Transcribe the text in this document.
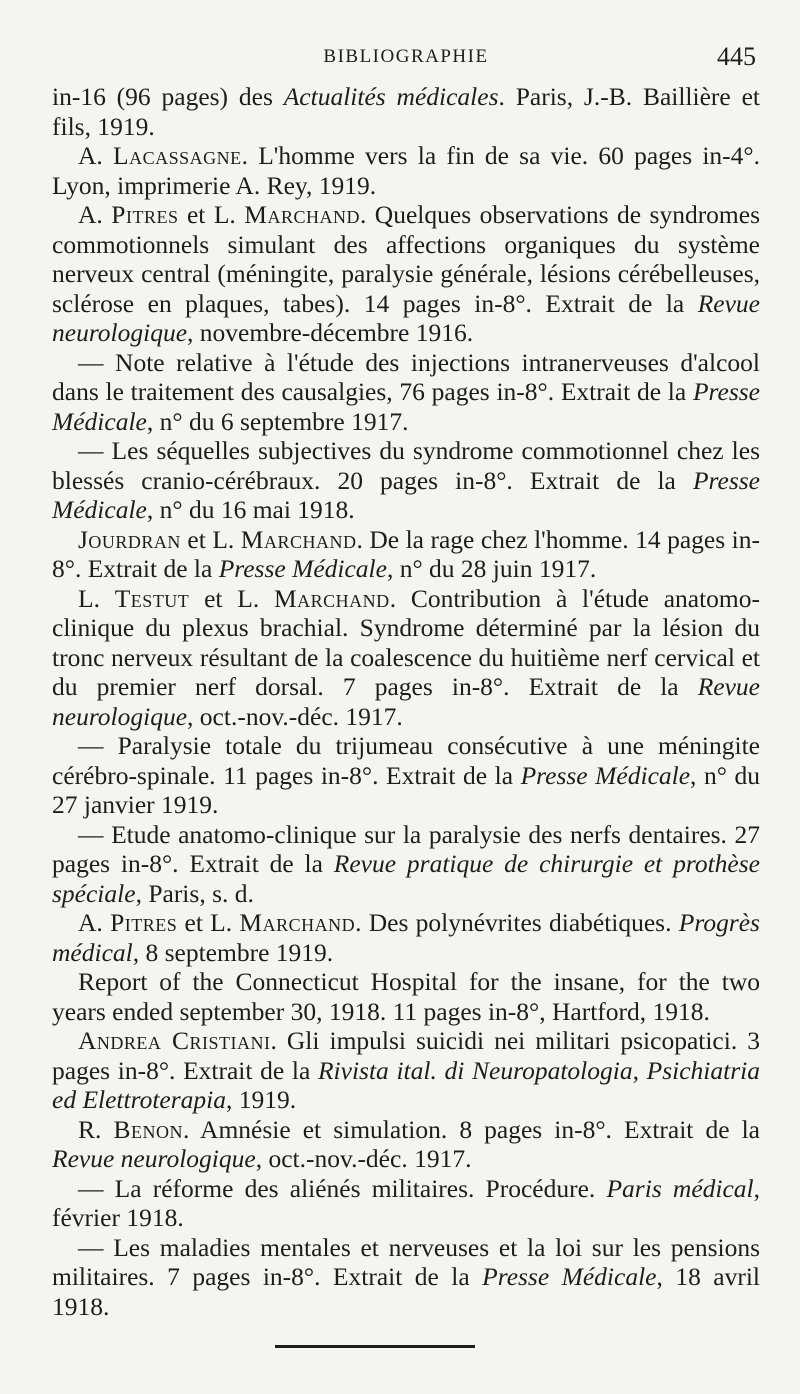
BIBLIOGRAPHIE	445

in-16 (96 pages) des Actualités médicales. Paris, J.-B. Baillière et fils, 1919.

A. Lacassagne. L'homme vers la fin de sa vie. 60 pages in-4°. Lyon, imprimerie A. Rey, 1919.

A. Pitres et L. Marchand. Quelques observations de syndromes commotionnels simulant des affections organiques du système nerveux central (méningite, paralysie générale, lésions cérébelleuses, sclérose en plaques, tabes). 14 pages in-8°. Extrait de la Revue neurologique, novembre-décembre 1916.

— Note relative à l'étude des injections intranerveuses d'alcool dans le traitement des causalgies, 76 pages in-8°. Extrait de la Presse Médicale, n° du 6 septembre 1917.

— Les séquelles subjectives du syndrome commotionnel chez les blessés cranio-cérébraux. 20 pages in-8°. Extrait de la Presse Médicale, n° du 16 mai 1918.

Jourdran et L. Marchand. De la rage chez l'homme. 14 pages in-8°. Extrait de la Presse Médicale, n° du 28 juin 1917.

L. Testut et L. Marchand. Contribution à l'étude anatomo-clinique du plexus brachial. Syndrome déterminé par la lésion du tronc nerveux résultant de la coalescence du huitième nerf cervical et du premier nerf dorsal. 7 pages in-8°. Extrait de la Revue neurologique, oct.-nov.-déc. 1917.

— Paralysie totale du trijumeau consécutive à une méningite cérébro-spinale. 11 pages in-8°. Extrait de la Presse Médicale, n° du 27 janvier 1919.

— Etude anatomo-clinique sur la paralysie des nerfs dentaires. 27 pages in-8°. Extrait de la Revue pratique de chirurgie et prothèse spéciale, Paris, s. d.

A. Pitres et L. Marchand. Des polynévrites diabétiques. Progrès médical, 8 septembre 1919.

Report of the Connecticut Hospital for the insane, for the two years ended september 30, 1918. 11 pages in-8°, Hartford, 1918.

Andrea Cristiani. Gli impulsi suicidi nei militari psicopatici. 3 pages in-8°. Extrait de la Rivista ital. di Neuropatologia, Psichiatria ed Elettroterapia, 1919.

R. Benon. Amnésie et simulation. 8 pages in-8°. Extrait de la Revue neurologique, oct.-nov.-déc. 1917.

— La réforme des aliénés militaires. Procédure. Paris médical, février 1918.

— Les maladies mentales et nerveuses et la loi sur les pensions militaires. 7 pages in-8°. Extrait de la Presse Médicale, 18 avril 1918.
